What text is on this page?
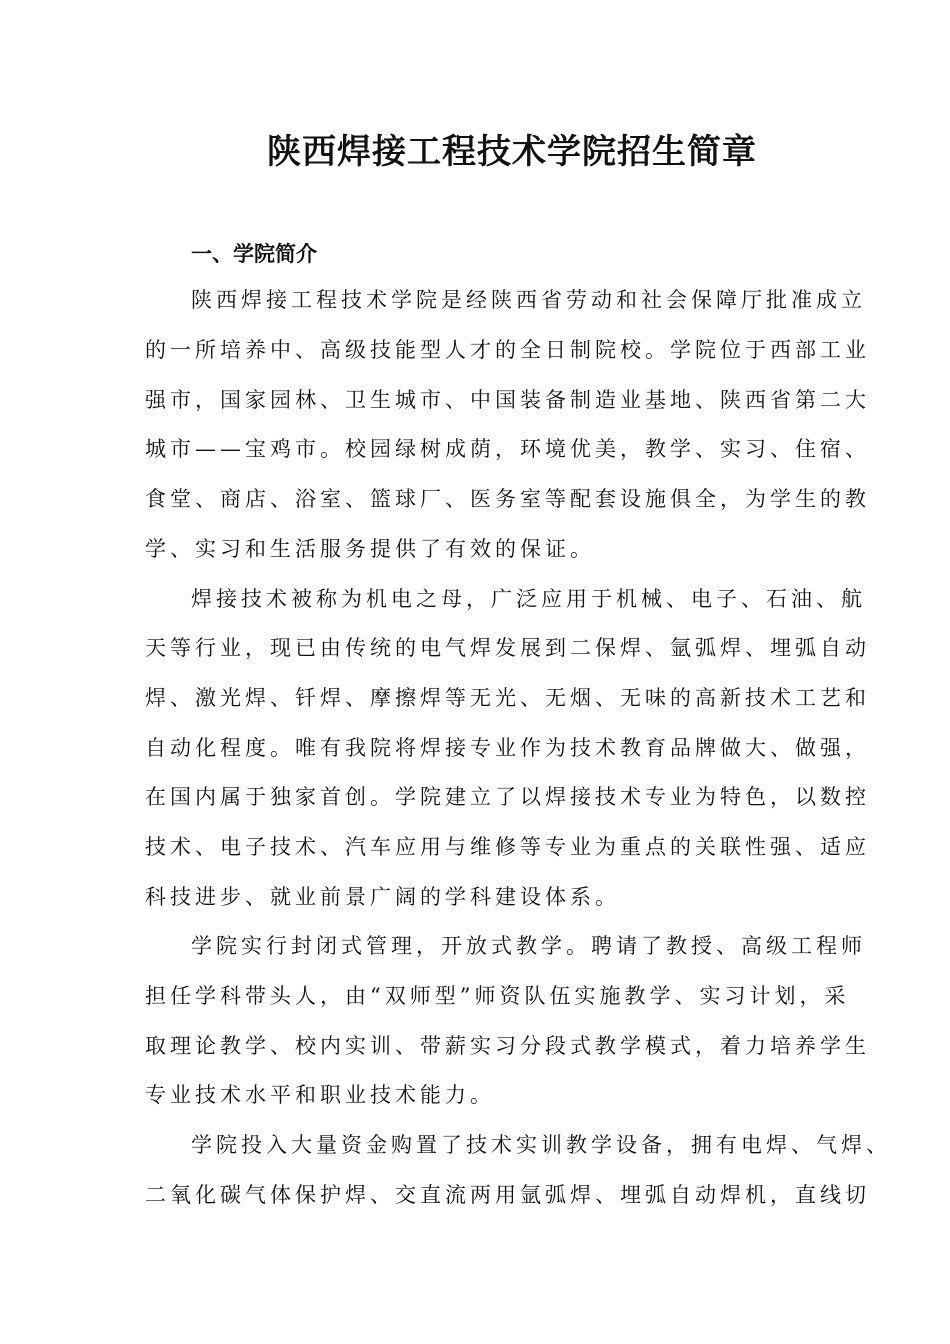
陕西焊接工程技术学院招生简章
一、学院简介
陕西焊接工程技术学院是经陕西省劳动和社会保障厅批准成立
的一所培养中、高级技能型人才的全日制院校。学院位于西部工业
强市，国家园林、卫生城市、中国装备制造业基地、陕西省第二大
城市——宝鸡市。校园绿树成荫，环境优美，教学、实习、住宿、
食堂、商店、浴室、篮球厂、医务室等配套设施俱全，为学生的教
学、实习和生活服务提供了有效的保证。
焊接技术被称为机电之母，广泛应用于机械、电子、石油、航
天等行业，现已由传统的电气焊发展到二保焊、氩弧焊、埋弧自动
焊、激光焊、钎焊、摩擦焊等无光、无烟、无味的高新技术工艺和
自动化程度。唯有我院将焊接专业作为技术教育品牌做大、做强，
在国内属于独家首创。学院建立了以焊接技术专业为特色，以数控
技术、电子技术、汽车应用与维修等专业为重点的关联性强、适应
科技进步、就业前景广阔的学科建设体系。
学院实行封闭式管理，开放式教学。聘请了教授、高级工程师
担任学科带头人，由“双师型”师资队伍实施教学、实习计划，采
取理论教学、校内实训、带薪实习分段式教学模式，着力培养学生
专业技术水平和职业技术能力。
学院投入大量资金购置了技术实训教学设备，拥有电焊、气焊、
二氧化碳气体保护焊、交直流两用氩弧焊、埋弧自动焊机，直线切
